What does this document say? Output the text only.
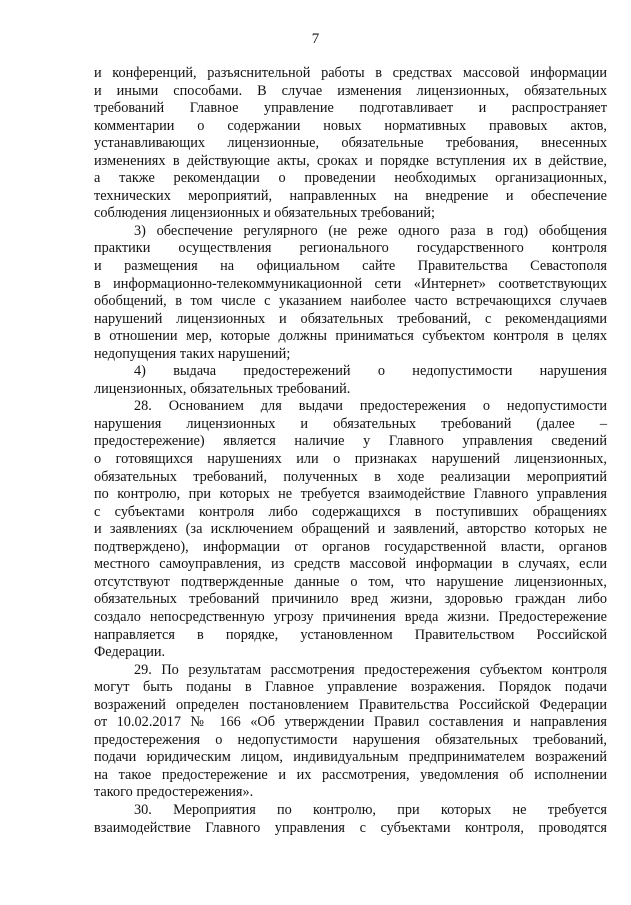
7

и конференций, разъяснительной работы в средствах массовой информации
и иными способами. В случае изменения лицензионных, обязательных
требований Главное управление подготавливает и распространяет
комментарии о содержании новых нормативных правовых актов,
устанавливающих лицензионные, обязательные требования, внесенных
изменениях в действующие акты, сроках и порядке вступления их в действие,
а также рекомендации о проведении необходимых организационных,
технических мероприятий, направленных на внедрение и обеспечение
соблюдения лицензионных и обязательных требований;

3) обеспечение регулярного (не реже одного раза в год) обобщения
практики осуществления регионального государственного контроля
и размещения на официальном сайте Правительства Севастополя
в информационно-телекоммуникационной сети «Интернет» соответствующих
обобщений, в том числе с указанием наиболее часто встречающихся случаев
нарушений лицензионных и обязательных требований, с рекомендациями
в отношении мер, которые должны приниматься субъектом контроля в целях
недопущения таких нарушений;

4) выдача предостережений о недопустимости нарушения
лицензионных, обязательных требований.

28. Основанием для выдачи предостережения о недопустимости
нарушения лицензионных и обязательных требований (далее –
предостережение) является наличие у Главного управления сведений
о готовящихся нарушениях или о признаках нарушений лицензионных,
обязательных требований, полученных в ходе реализации мероприятий
по контролю, при которых не требуется взаимодействие Главного управления
с субъектами контроля либо содержащихся в поступивших обращениях
и заявлениях (за исключением обращений и заявлений, авторство которых не
подтверждено), информации от органов государственной власти, органов
местного самоуправления, из средств массовой информации в случаях, если
отсутствуют подтвержденные данные о том, что нарушение лицензионных,
обязательных требований причинило вред жизни, здоровью граждан либо
создало непосредственную угрозу причинения вреда жизни. Предостережение
направляется в порядке, установленном Правительством Российской
Федерации.

29. По результатам рассмотрения предостережения субъектом контроля
могут быть поданы в Главное управление возражения. Порядок подачи
возражений определен постановлением Правительства Российской Федерации
от 10.02.2017 № 166 «Об утверждении Правил составления и направления
предостережения о недопустимости нарушения обязательных требований,
подачи юридическим лицом, индивидуальным предпринимателем возражений
на такое предостережение и их рассмотрения, уведомления об исполнении
такого предостережения».

30. Мероприятия по контролю, при которых не требуется
взаимодействие Главного управления с субъектами контроля, проводятся
